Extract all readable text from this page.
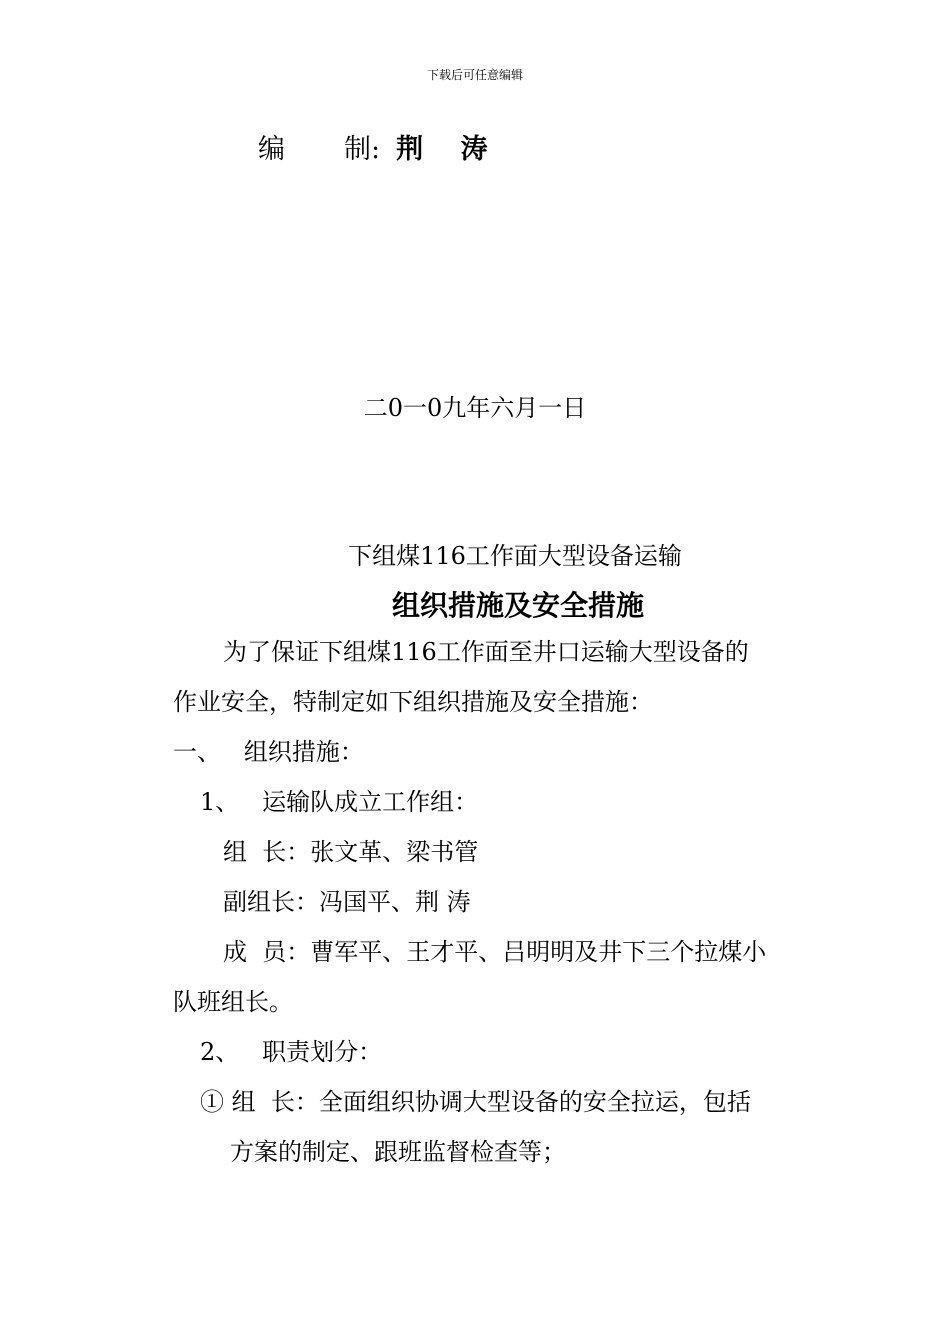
下载后可任意编辑
编 制: 荆 涛
二0一0九年六月一日
下组煤116工作面大型设备运输
组织措施及安全措施
为了保证下组煤116工作面至井口运输大型设备的
作业安全，特制定如下组织措施及安全措施：
一、   组织措施：
1、   运输队成立工作组：
组  长：张文革、梁书管
副组长：冯国平、荆 涛
成  员：曹军平、王才平、吕明明及井下三个拉煤小
队班组长。
2、   职责划分：
① 组  长：全面组织协调大型设备的安全拉运，包括
方案的制定、跟班监督检查等；
